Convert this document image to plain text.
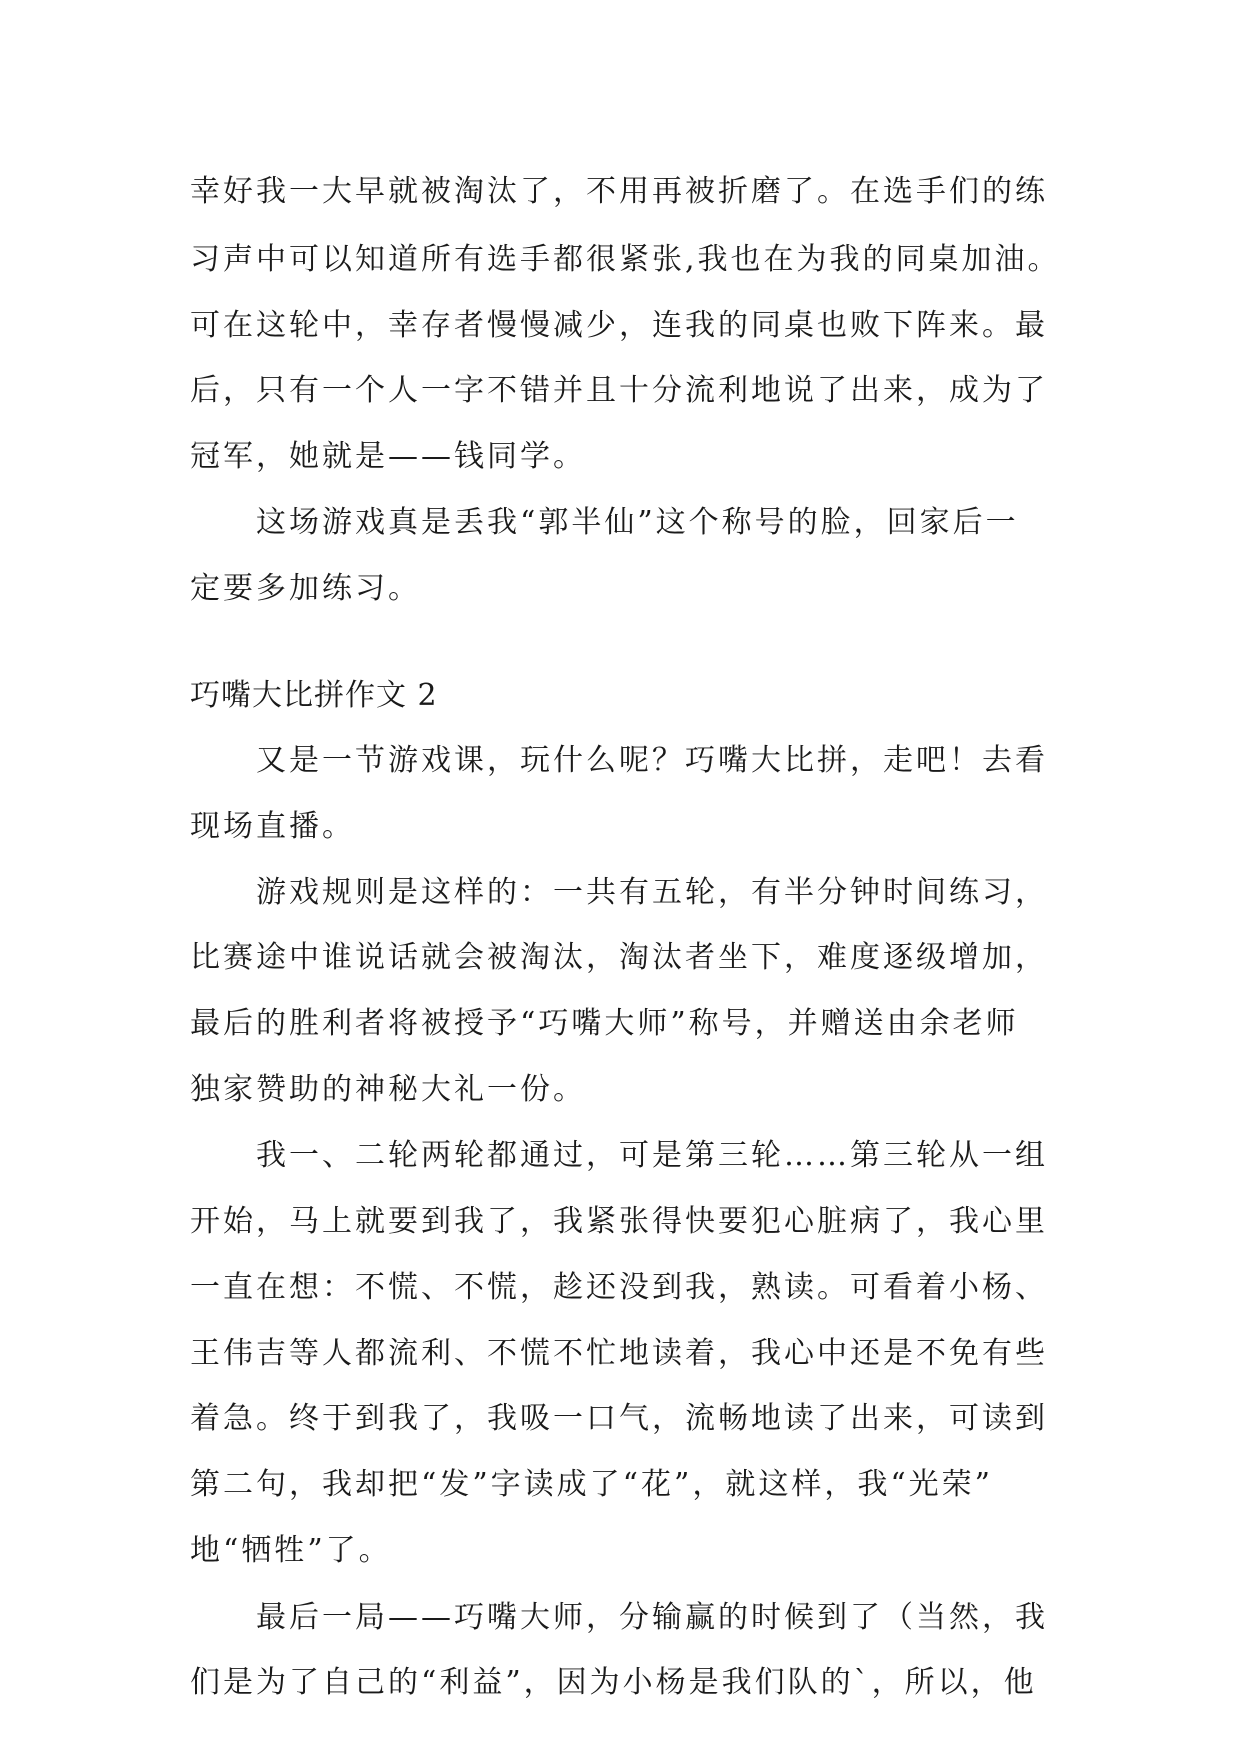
幸好我一大早就被淘汰了，不用再被折磨了。在选手们的练
习声中可以知道所有选手都很紧张,我也在为我的同桌加油。
可在这轮中，幸存者慢慢减少，连我的同桌也败下阵来。最
后，只有一个人一字不错并且十分流利地说了出来，成为了
冠军，她就是——钱同学。
这场游戏真是丢我“郭半仙”这个称号的脸，回家后一
定要多加练习。
巧嘴大比拼作文 2
又是一节游戏课，玩什么呢？巧嘴大比拼，走吧！去看
现场直播。
游戏规则是这样的：一共有五轮，有半分钟时间练习，
比赛途中谁说话就会被淘汰，淘汰者坐下，难度逐级增加，
最后的胜利者将被授予“巧嘴大师”称号，并赠送由余老师
独家赞助的神秘大礼一份。
我一、二轮两轮都通过，可是第三轮……第三轮从一组
开始，马上就要到我了，我紧张得快要犯心脏病了，我心里
一直在想：不慌、不慌，趁还没到我，熟读。可看着小杨、
王伟吉等人都流利、不慌不忙地读着，我心中还是不免有些
着急。终于到我了，我吸一口气，流畅地读了出来，可读到
第二句，我却把“发”字读成了“花”，就这样，我“光荣”
地“牺牲”了。
最后一局——巧嘴大师，分输赢的时候到了（当然，我
们是为了自己的“利益”，因为小杨是我们队的`，所以，他
